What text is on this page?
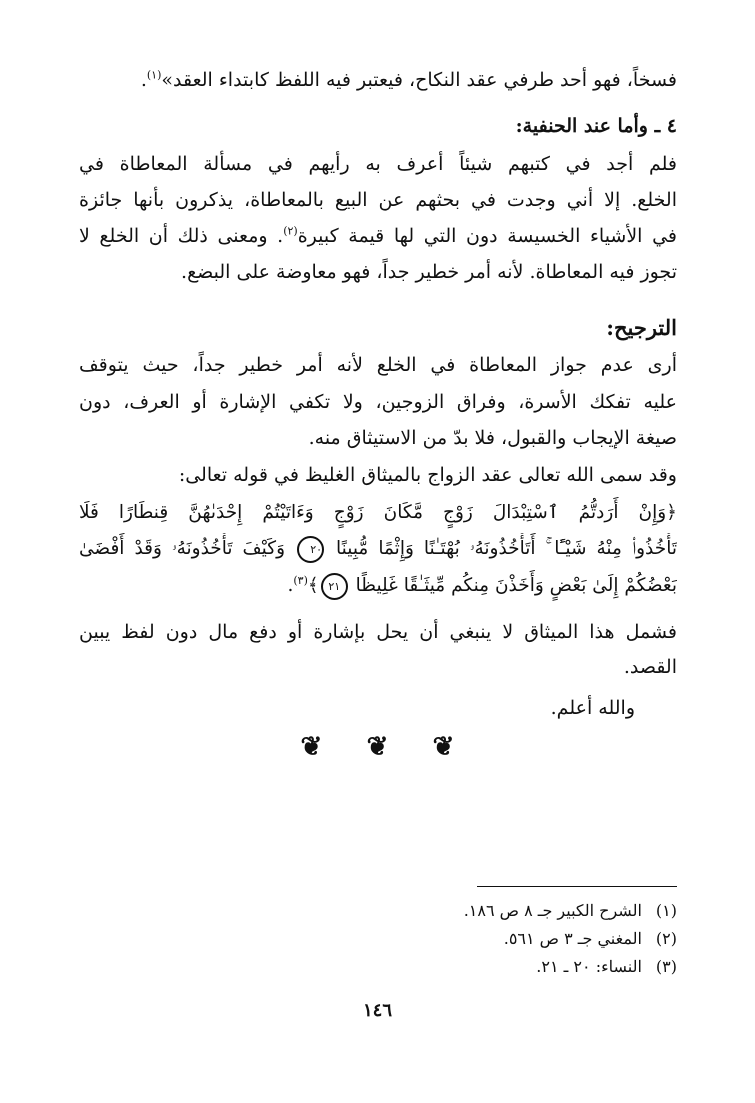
فسخاً، فهو أحد طرفي عقد النكاح، فيعتبر فيه اللفظ كابتداء العقد»$^{(١)}$.
٤ ـ وأما عند الحنفية:
فلم أجد في كتبهم شيئاً أعرف به رأيهم في مسألة المعاطاة في
الخلع. إلا أني وجدت في بحثهم عن البيع بالمعاطاة، يذكرون بأنها جائزة
في الأشياء الخسيسة دون التي لها قيمة كبيرة$^{(٢)}$. ومعنى ذلك أن الخلع لا
تجوز فيه المعاطاة. لأنه أمر خطير جداً، فهو معاوضة على البضع.
الترجيح:
أرى عدم جواز المعاطاة في الخلع لأنه أمر خطير جداً، حيث يتوقف
عليه تفكك الأسرة، وفراق الزوجين، ولا تكفي الإشارة أو العرف، دون
صيغة الإيجاب والقبول، فلا بدّ من الاستيثاق منه.
وقد سمى الله تعالى عقد الزواج بالميثاق الغليظ في قوله تعالى:
﴿وَإِنْ أَرَدتُّمُ ٱسْتِبْدَالَ زَوْجٍ مَّكَانَ زَوْجٍ وَءَاتَيْتُمْ إِحْدَىٰهُنَّ قِنطَارًا فَلَا
تَأْخُذُوا۟ مِنْهُ شَيْـًٔا ۚ أَتَأْخُذُونَهُۥ بُهْتَـٰنًا وَإِثْمًا مُّبِينًا ٢٠ وَكَيْفَ تَأْخُذُونَهُۥ وَقَدْ أَفْضَىٰ
بَعْضُكُمْ إِلَىٰ بَعْضٍ وَأَخَذْنَ مِنكُم مِّيثَـٰقًا غَلِيظًا ٢١﴾$^{(٣)}$.
فشمل هذا الميثاق لا ينبغي أن يحل بإشارة أو دفع مال دون لفظ يبين
القصد.
والله أعلم.
❦ ❦ ❦
(١) الشرح الكبير جـ ٨ ص ١٨٦.
(٢) المغني جـ ٣ ص ٥٦١.
(٣) النساء: ٢٠ ـ ٢١.
١٤٦
